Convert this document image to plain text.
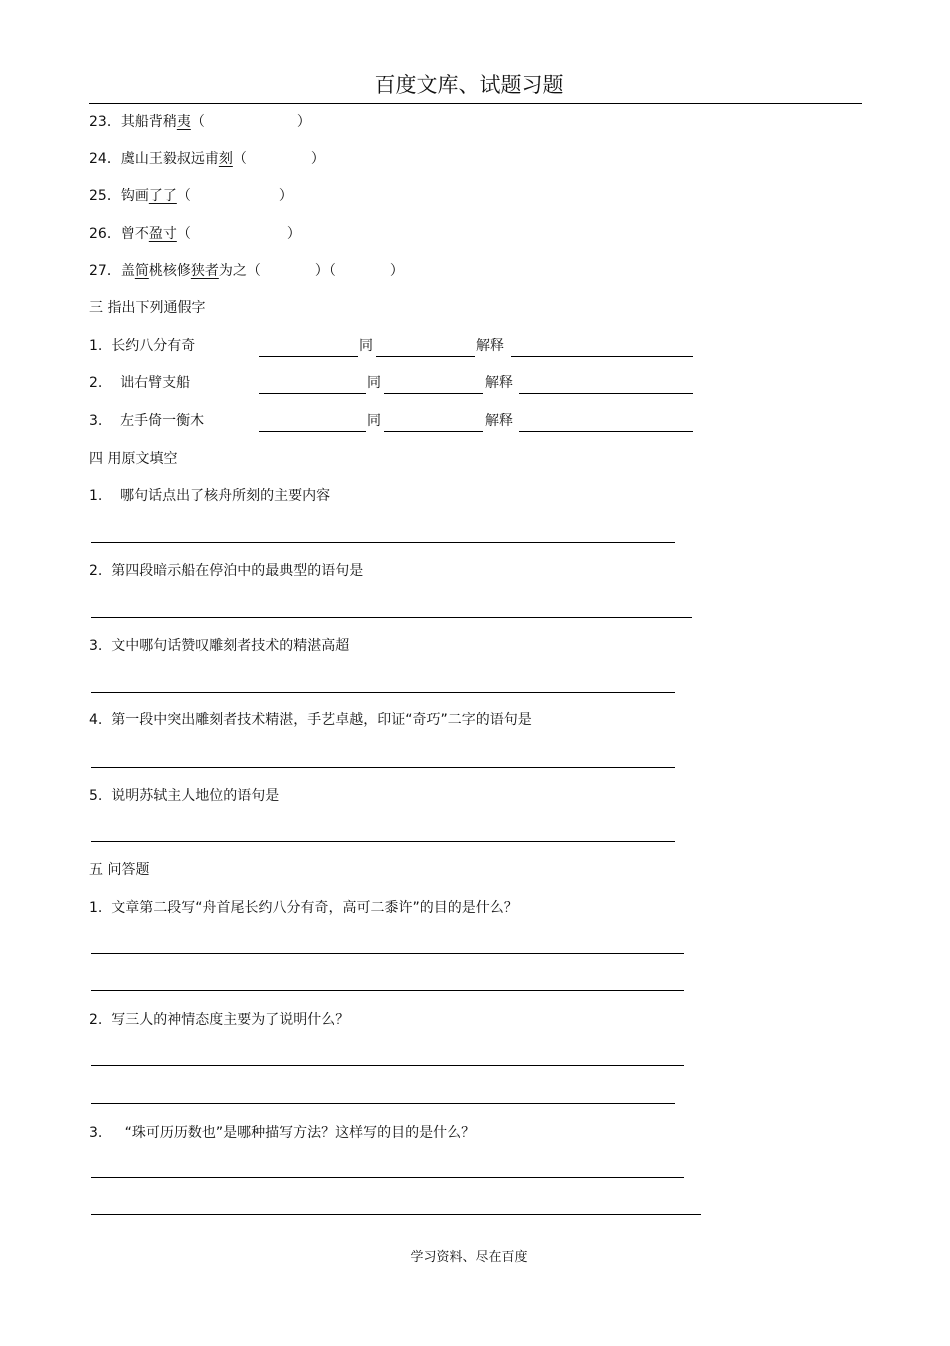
百度文库、试题习题
23．其船背稍夷（	）
24．虞山王毅叔远甫刻（	）
25．钩画了了（	）
26．曾不盈寸（	）
27．盖简桃核修狭者为之（	）（	）
三 指出下列通假字
1. 长约八分有奇	同	解释
2. 诎右臂支船	同	解释
3. 左手倚一衡木	同	解释
四 用原文填空
1. 哪句话点出了核舟所刻的主要内容
2. 第四段暗示船在停泊中的最典型的语句是
3. 文中哪句话赞叹雕刻者技术的精湛高超
4. 第一段中突出雕刻者技术精湛，手艺卓越，印证“奇巧”二字的语句是
5. 说明苏轼主人地位的语句是
五 问答题
1. 文章第二段写“舟首尾长约八分有奇，高可二黍许”的目的是什么？
2. 写三人的神情态度主要为了说明什么？
3. “珠可历历数也”是哪种描写方法？这样写的目的是什么？
学习资料、尽在百度
